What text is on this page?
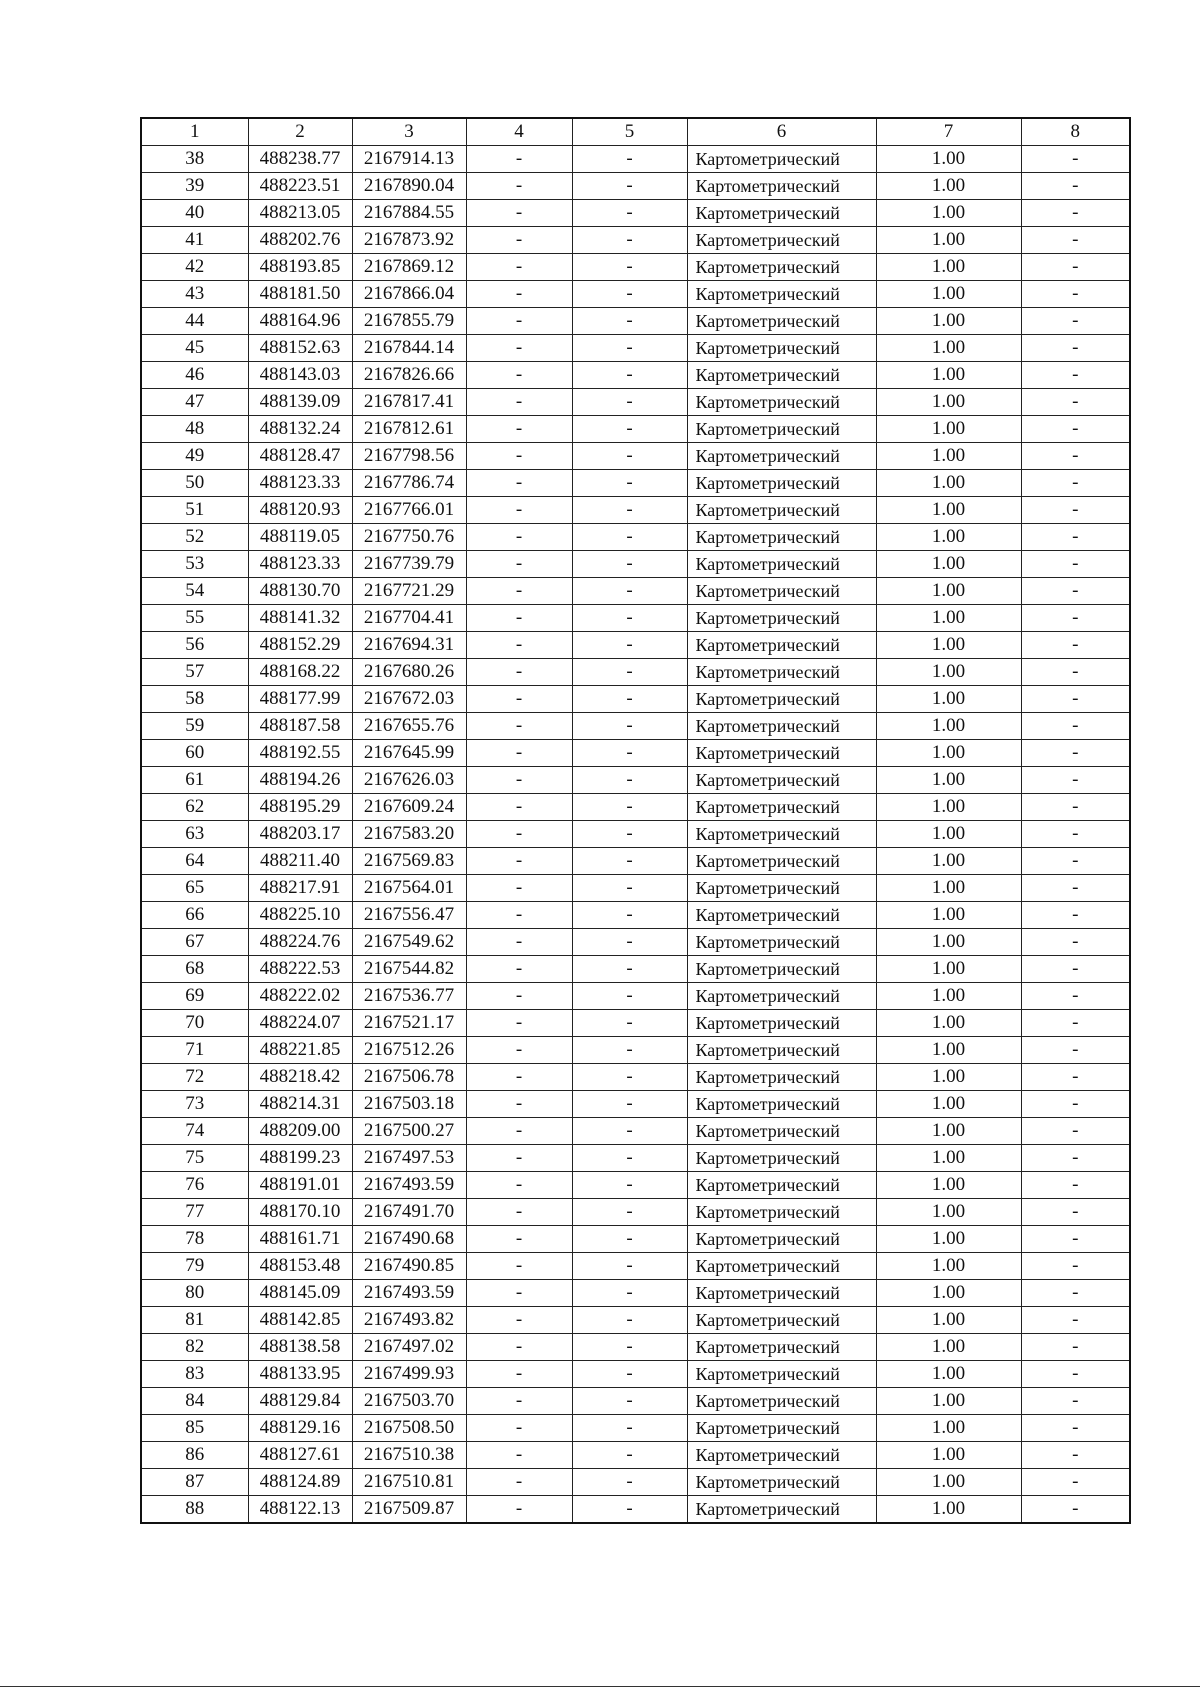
1	2	3	4	5	6	7	8
38	488238.77	2167914.13	-	-	Картометрический	1.00	-
39	488223.51	2167890.04	-	-	Картометрический	1.00	-
40	488213.05	2167884.55	-	-	Картометрический	1.00	-
41	488202.76	2167873.92	-	-	Картометрический	1.00	-
42	488193.85	2167869.12	-	-	Картометрический	1.00	-
43	488181.50	2167866.04	-	-	Картометрический	1.00	-
44	488164.96	2167855.79	-	-	Картометрический	1.00	-
45	488152.63	2167844.14	-	-	Картометрический	1.00	-
46	488143.03	2167826.66	-	-	Картометрический	1.00	-
47	488139.09	2167817.41	-	-	Картометрический	1.00	-
48	488132.24	2167812.61	-	-	Картометрический	1.00	-
49	488128.47	2167798.56	-	-	Картометрический	1.00	-
50	488123.33	2167786.74	-	-	Картометрический	1.00	-
51	488120.93	2167766.01	-	-	Картометрический	1.00	-
52	488119.05	2167750.76	-	-	Картометрический	1.00	-
53	488123.33	2167739.79	-	-	Картометрический	1.00	-
54	488130.70	2167721.29	-	-	Картометрический	1.00	-
55	488141.32	2167704.41	-	-	Картометрический	1.00	-
56	488152.29	2167694.31	-	-	Картометрический	1.00	-
57	488168.22	2167680.26	-	-	Картометрический	1.00	-
58	488177.99	2167672.03	-	-	Картометрический	1.00	-
59	488187.58	2167655.76	-	-	Картометрический	1.00	-
60	488192.55	2167645.99	-	-	Картометрический	1.00	-
61	488194.26	2167626.03	-	-	Картометрический	1.00	-
62	488195.29	2167609.24	-	-	Картометрический	1.00	-
63	488203.17	2167583.20	-	-	Картометрический	1.00	-
64	488211.40	2167569.83	-	-	Картометрический	1.00	-
65	488217.91	2167564.01	-	-	Картометрический	1.00	-
66	488225.10	2167556.47	-	-	Картометрический	1.00	-
67	488224.76	2167549.62	-	-	Картометрический	1.00	-
68	488222.53	2167544.82	-	-	Картометрический	1.00	-
69	488222.02	2167536.77	-	-	Картометрический	1.00	-
70	488224.07	2167521.17	-	-	Картометрический	1.00	-
71	488221.85	2167512.26	-	-	Картометрический	1.00	-
72	488218.42	2167506.78	-	-	Картометрический	1.00	-
73	488214.31	2167503.18	-	-	Картометрический	1.00	-
74	488209.00	2167500.27	-	-	Картометрический	1.00	-
75	488199.23	2167497.53	-	-	Картометрический	1.00	-
76	488191.01	2167493.59	-	-	Картометрический	1.00	-
77	488170.10	2167491.70	-	-	Картометрический	1.00	-
78	488161.71	2167490.68	-	-	Картометрический	1.00	-
79	488153.48	2167490.85	-	-	Картометрический	1.00	-
80	488145.09	2167493.59	-	-	Картометрический	1.00	-
81	488142.85	2167493.82	-	-	Картометрический	1.00	-
82	488138.58	2167497.02	-	-	Картометрический	1.00	-
83	488133.95	2167499.93	-	-	Картометрический	1.00	-
84	488129.84	2167503.70	-	-	Картометрический	1.00	-
85	488129.16	2167508.50	-	-	Картометрический	1.00	-
86	488127.61	2167510.38	-	-	Картометрический	1.00	-
87	488124.89	2167510.81	-	-	Картометрический	1.00	-
88	488122.13	2167509.87	-	-	Картометрический	1.00	-
